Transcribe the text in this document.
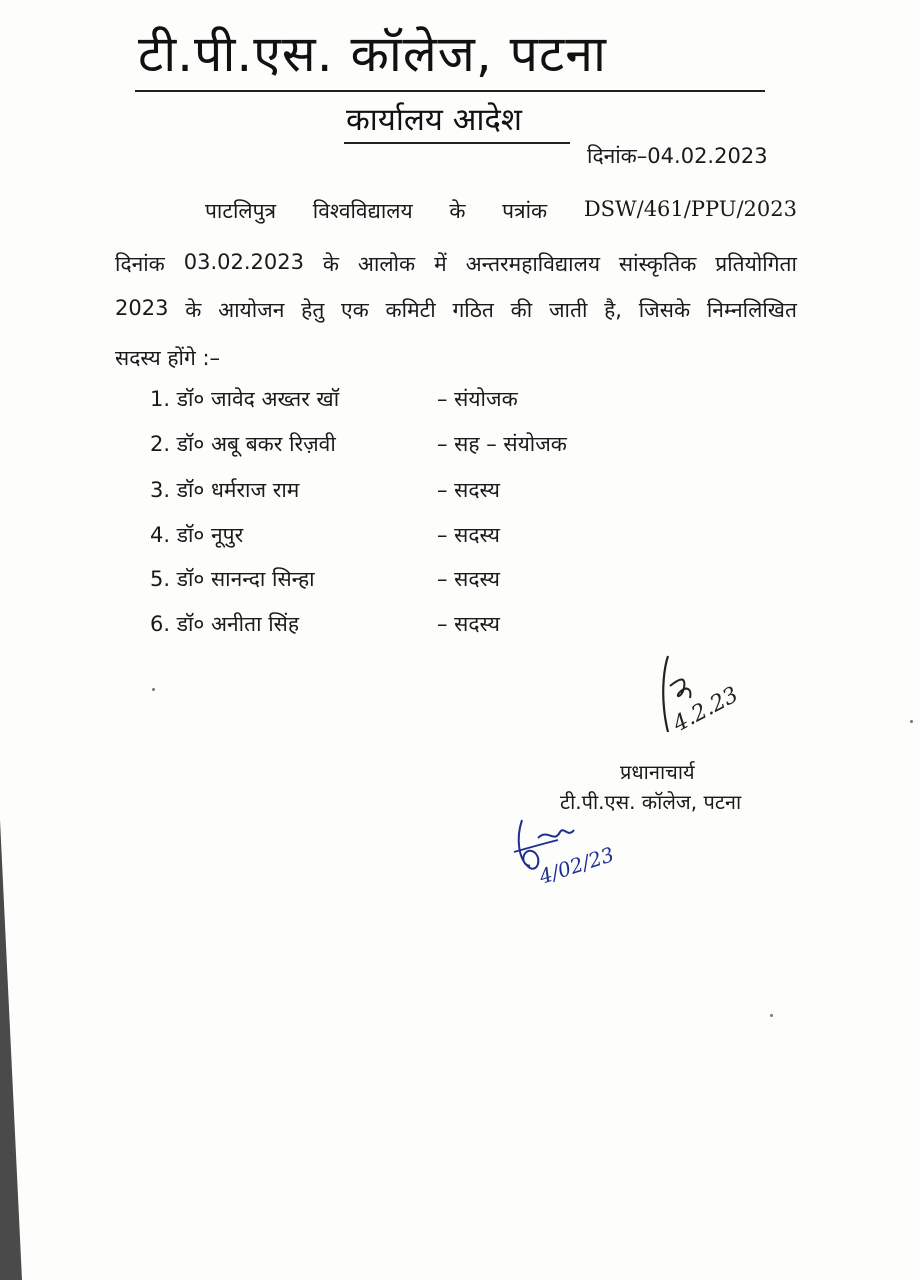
टी.पी.एस. कॉलेज, पटना
कार्यालय आदेश
दिनांक–04.02.2023
पाटलिपुत्र विश्वविद्यालय के पत्रांक DSW/461/PPU/2023
दिनांक 03.02.2023 के आलोक में अन्तरमहाविद्यालय सांस्कृतिक प्रतियोगिता
2023 के आयोजन हेतु एक कमिटी गठित की जाती है, जिसके निम्नलिखित
सदस्य होंगे :–
1. डॉ० जावेद अख्तर खॉ	– संयोजक
2. डॉ० अबू बकर रिज़वी	– सह – संयोजक
3. डॉ० धर्मराज राम	– सदस्य
4. डॉ० नूपुर	– सदस्य
5. डॉ० सानन्दा सिन्हा	– सदस्य
6. डॉ० अनीता सिंह	– सदस्य
4.2.23
प्रधानाचार्य
टी.पी.एस. कॉलेज, पटना
4/02/23
